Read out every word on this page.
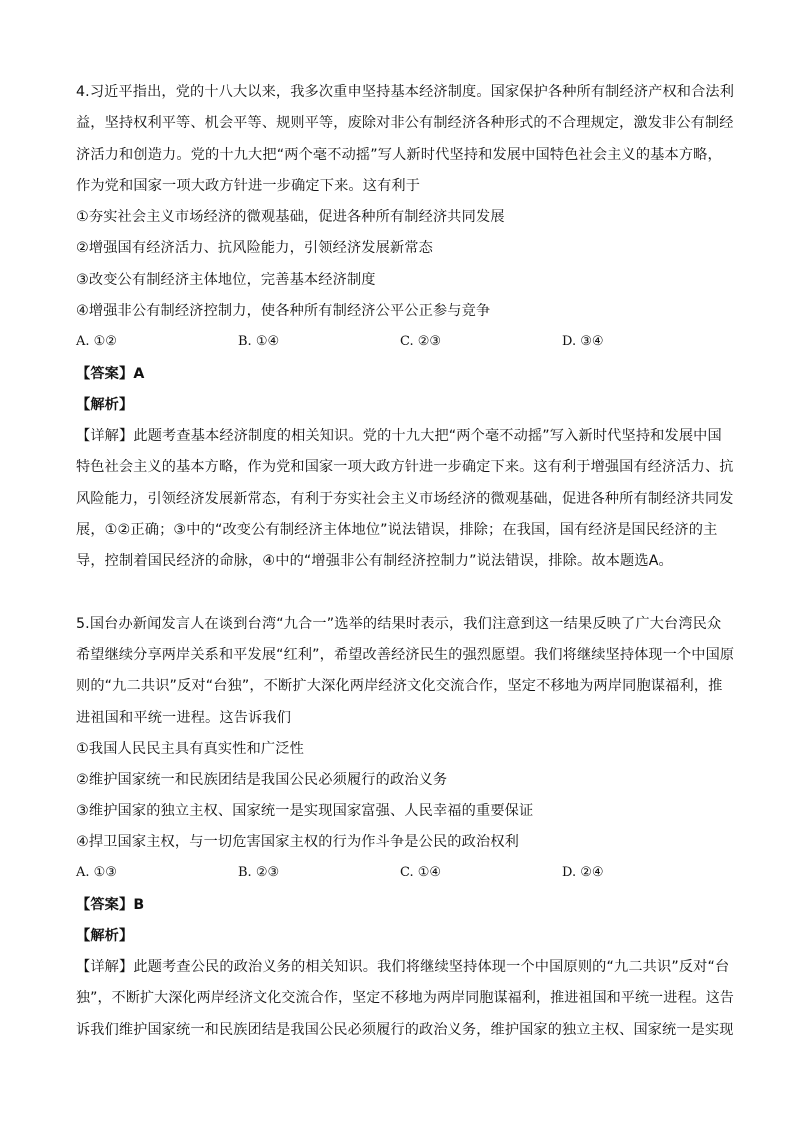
4.习近平指出，党的十八大以来，我多次重申坚持基本经济制度。国家保护各种所有制经济产权和合法利
益，坚持权利平等、机会平等、规则平等，废除对非公有制经济各种形式的不合理规定，激发非公有制经
济活力和创造力。党的十九大把“两个毫不动摇”写人新时代坚持和发展中国特色社会主义的基本方略，
作为党和国家一项大政方针进一步确定下来。这有利于
①夯实社会主义市场经济的微观基础，促进各种所有制经济共同发展
②增强国有经济活力、抗风险能力，引领经济发展新常态
③改变公有制经济主体地位，完善基本经济制度
④增强非公有制经济控制力，使各种所有制经济公平公正参与竞争
A. ①②	B. ①④	C. ②③	D. ③④
【答案】A
【解析】
【详解】此题考查基本经济制度的相关知识。党的十九大把“两个毫不动摇”写入新时代坚持和发展中国
特色社会主义的基本方略，作为党和国家一项大政方针进一步确定下来。这有利于增强国有经济活力、抗
风险能力，引领经济发展新常态，有利于夯实社会主义市场经济的微观基础，促进各种所有制经济共同发
展，①②正确；③中的“改变公有制经济主体地位”说法错误，排除；在我国，国有经济是国民经济的主
导，控制着国民经济的命脉，④中的“增强非公有制经济控制力”说法错误，排除。故本题选A。
5.国台办新闻发言人在谈到台湾“九合一”选举的结果时表示，我们注意到这一结果反映了广大台湾民众
希望继续分享两岸关系和平发展“红利”，希望改善经济民生的强烈愿望。我们将继续坚持体现一个中国原
则的“九二共识”反对“台独”，不断扩大深化两岸经济文化交流合作，坚定不移地为两岸同胞谋福利，推
进祖国和平统一进程。这告诉我们
①我国人民民主具有真实性和广泛性
②维护国家统一和民族团结是我国公民必须履行的政治义务
③维护国家的独立主权、国家统一是实现国家富强、人民幸福的重要保证
④捍卫国家主权，与一切危害国家主权的行为作斗争是公民的政治权利
A. ①③	B. ②③	C. ①④	D. ②④
【答案】B
【解析】
【详解】此题考查公民的政治义务的相关知识。我们将继续坚持体现一个中国原则的“九二共识”反对“台
独”，不断扩大深化两岸经济文化交流合作，坚定不移地为两岸同胞谋福利，推进祖国和平统一进程。这告
诉我们维护国家统一和民族团结是我国公民必须履行的政治义务，维护国家的独立主权、国家统一是实现
